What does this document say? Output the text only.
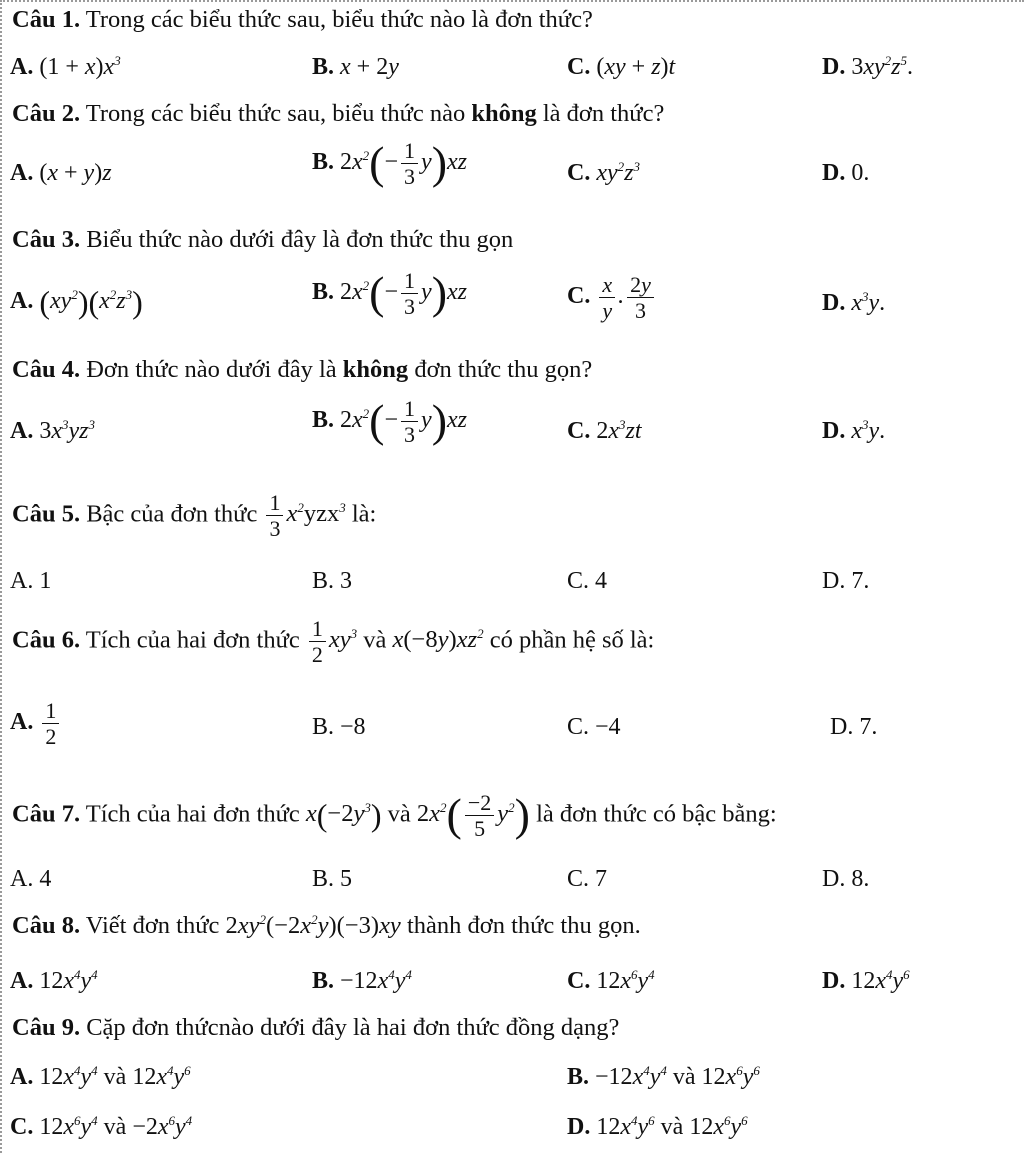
Câu 1. Trong các biểu thức sau, biểu thức nào là đơn thức?
A. $(1 + x)x^3$	B. x + 2y	C. (xy + z)t	D. $3xy^2z^5$.
Câu 2. Trong các biểu thức sau, biểu thức nào không là đơn thức?
A. (x + y)z	B. $2x^2(- \frac{1}{3} y)xz$	C. $xy^2z^3$	D. 0.
Câu 3. Biểu thức nào dưới đây là đơn thức thu gọn
A. $(xy^2)(x^2z^3)$	B. $2x^2(- \frac{1}{3} y)xz$	C. $\frac{x}{y}$ . $\frac{2y}{3}$	D. $x^3y$.
Câu 4. Đơn thức nào dưới đây là không đơn thức thu gọn?
A. $3x^3yz^3$	B. $2x^2(- \frac{1}{3} y)xz$	C. $2x^3zt$	D. $x^3y$.
Câu 5. Bậc của đơn thức $\frac{1}{3} x^2yzx^3$ là:
A. 1	B. 3	C. 4	D. 7.
Câu 6. Tích của hai đơn thức $\frac{1}{2} xy^3$ và $x(-8y)xz^2$ có phần hệ số là:
A. $\frac{1}{2}$	B. −8	C. −4	D. 7.
Câu 7. Tích của hai đơn thức $x(-2y^3)$ và $2x^2( \frac{-2}{5} y^2)$ là đơn thức có bậc bằng:
A. 4	B. 5	C. 7	D. 8.
Câu 8. Viết đơn thức $2xy^2(-2x^2y)(-3)xy$ thành đơn thức thu gọn.
A. $12x^4y^4$	B. $-12x^4y^4$	C. $12x^6y^4$	D. $12x^4y^6$
Câu 9. Cặp đơn thứcnào dưới đây là hai đơn thức đồng dạng?
A. $12x^4y^4$ và $12x^4y^6$	B. $-12x^4y^4$ và $12x^6y^6$
C. $12x^6y^4$ và $-2x^6y^4$	D. $12x^4y^6$ và $12x^6y^6$
